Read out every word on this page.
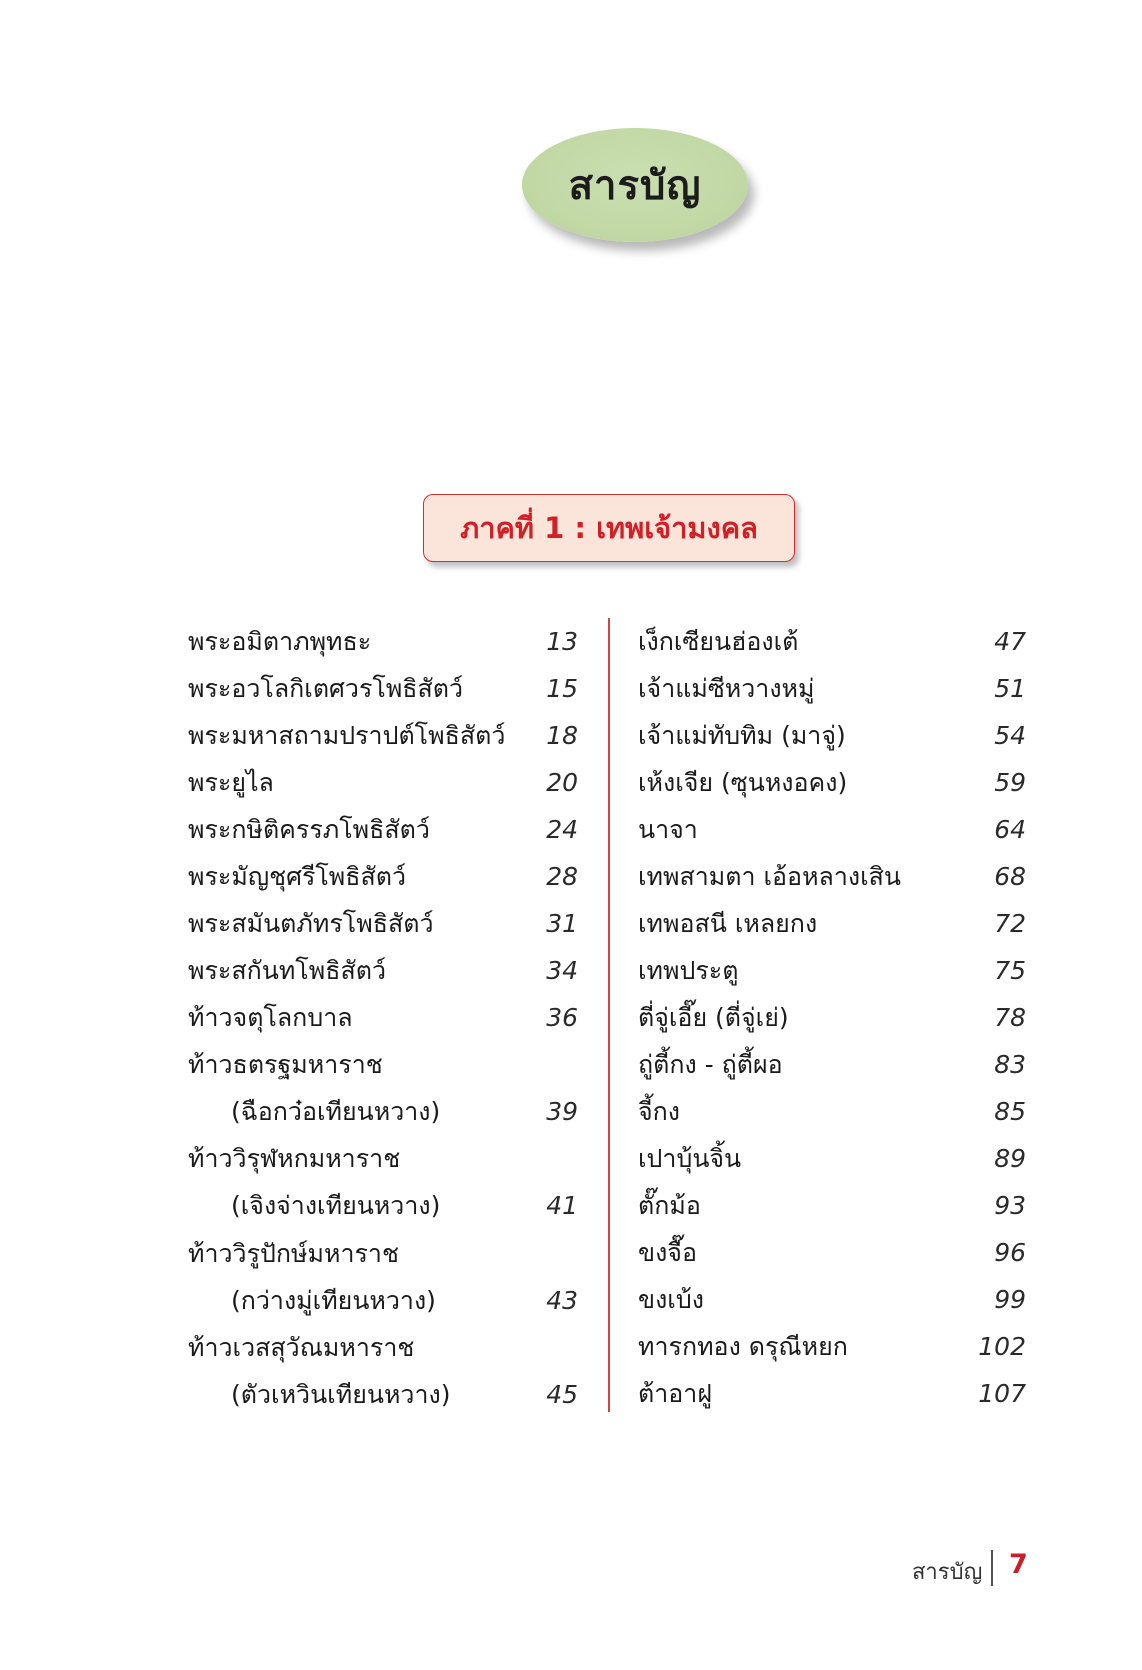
สารบัญ
ภาคที่ 1 : เทพเจ้ามงคล
พระอมิตาภพุทธะ	13
พระอวโลกิเตศวรโพธิสัตว์	15
พระมหาสถามปราปต์โพธิสัตว์ 18
พระยูไล	20
พระกษิติครรภโพธิสัตว์	24
พระมัญชุศรีโพธิสัตว์	28
พระสมันตภัทรโพธิสัตว์	31
พระสกันทโพธิสัตว์	34
ท้าวจตุโลกบาล	36
ท้าวธตรฐมหาราช
(ฉือกว๋อเทียนหวาง)	39
ท้าววิรุฬหกมหาราช
(เจิงจ่างเทียนหวาง)	41
ท้าววิรูปักษ์มหาราช
(กว่างมู่เทียนหวาง)	43
ท้าวเวสสุวัณมหาราช
(ตัวเหวินเทียนหวาง)	45
เง็กเซียนฮ่องเต้	47
เจ้าแม่ซีหวางหมู่	51
เจ้าแม่ทับทิม (มาจู่)	54
เห้งเจีย (ซุนหงอคง)	59
นาจา	64
เทพสามตา เอ้อหลางเสิน	68
เทพอสนี เหลยกง	72
เทพประตู	75
ตี่จู่เอี๊ย (ตี่จู่เย่)	78
ถู่ตี้กง - ถู่ตี้ผอ	83
จี้กง	85
เปาบุ้นจิ้น	89
ตั๊กม้อ	93
ขงจื๊อ	96
ขงเบ้ง	99
ทารกทอง ดรุณีหยก	102
ต้าอาฝู	107
สารบัญ 7
